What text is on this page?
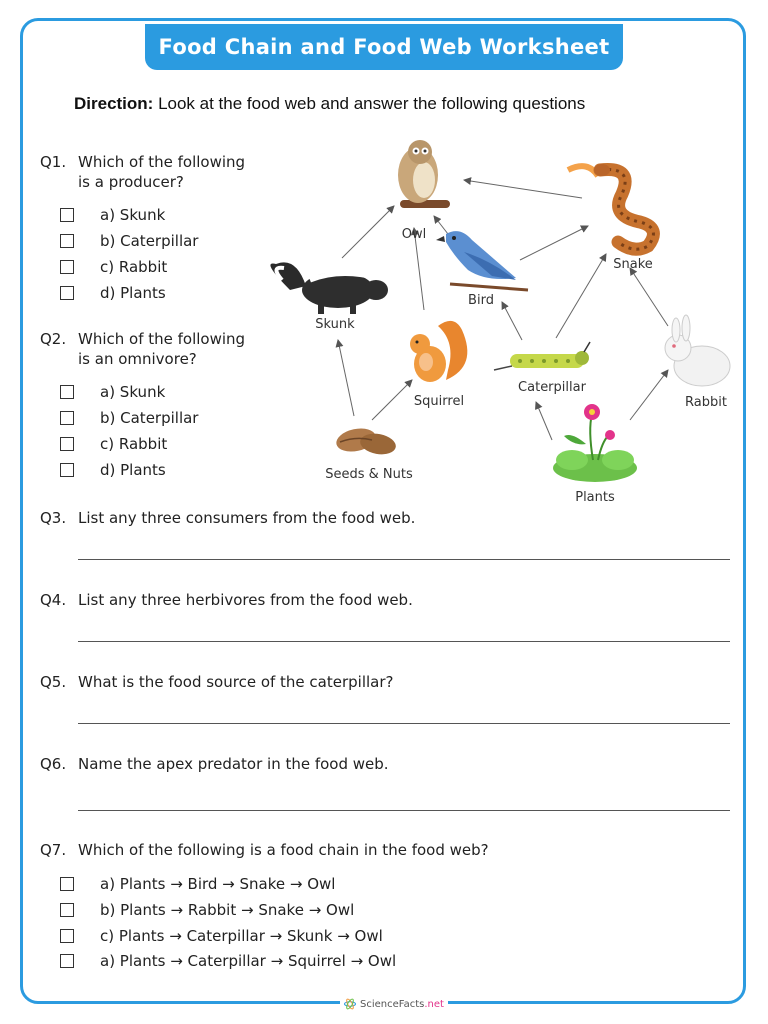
Food Chain and Food Web Worksheet
Direction: Look at the food web and answer the following questions
Q1. Which of the following
is a producer?
a) Skunk
b) Caterpillar
c) Rabbit
d) Plants
Q2. Which of the following
is an omnivore?
a) Skunk
b) Caterpillar
c) Rabbit
d) Plants
Owl
Snake
Bird
Skunk
Squirrel
Caterpillar
Rabbit
Seeds & Nuts
Plants
Q3. List any three consumers from the food web.
Q4. List any three herbivores from the food web.
Q5. What is the food source of the caterpillar?
Q6. Name the apex predator in the food web.
Q7. Which of the following is a food chain in the food web?
a) Plants → Bird → Snake → Owl
b) Plants → Rabbit → Snake → Owl
c) Plants → Caterpillar → Skunk → Owl
a) Plants → Caterpillar → Squirrel → Owl
ScienceFacts .net
